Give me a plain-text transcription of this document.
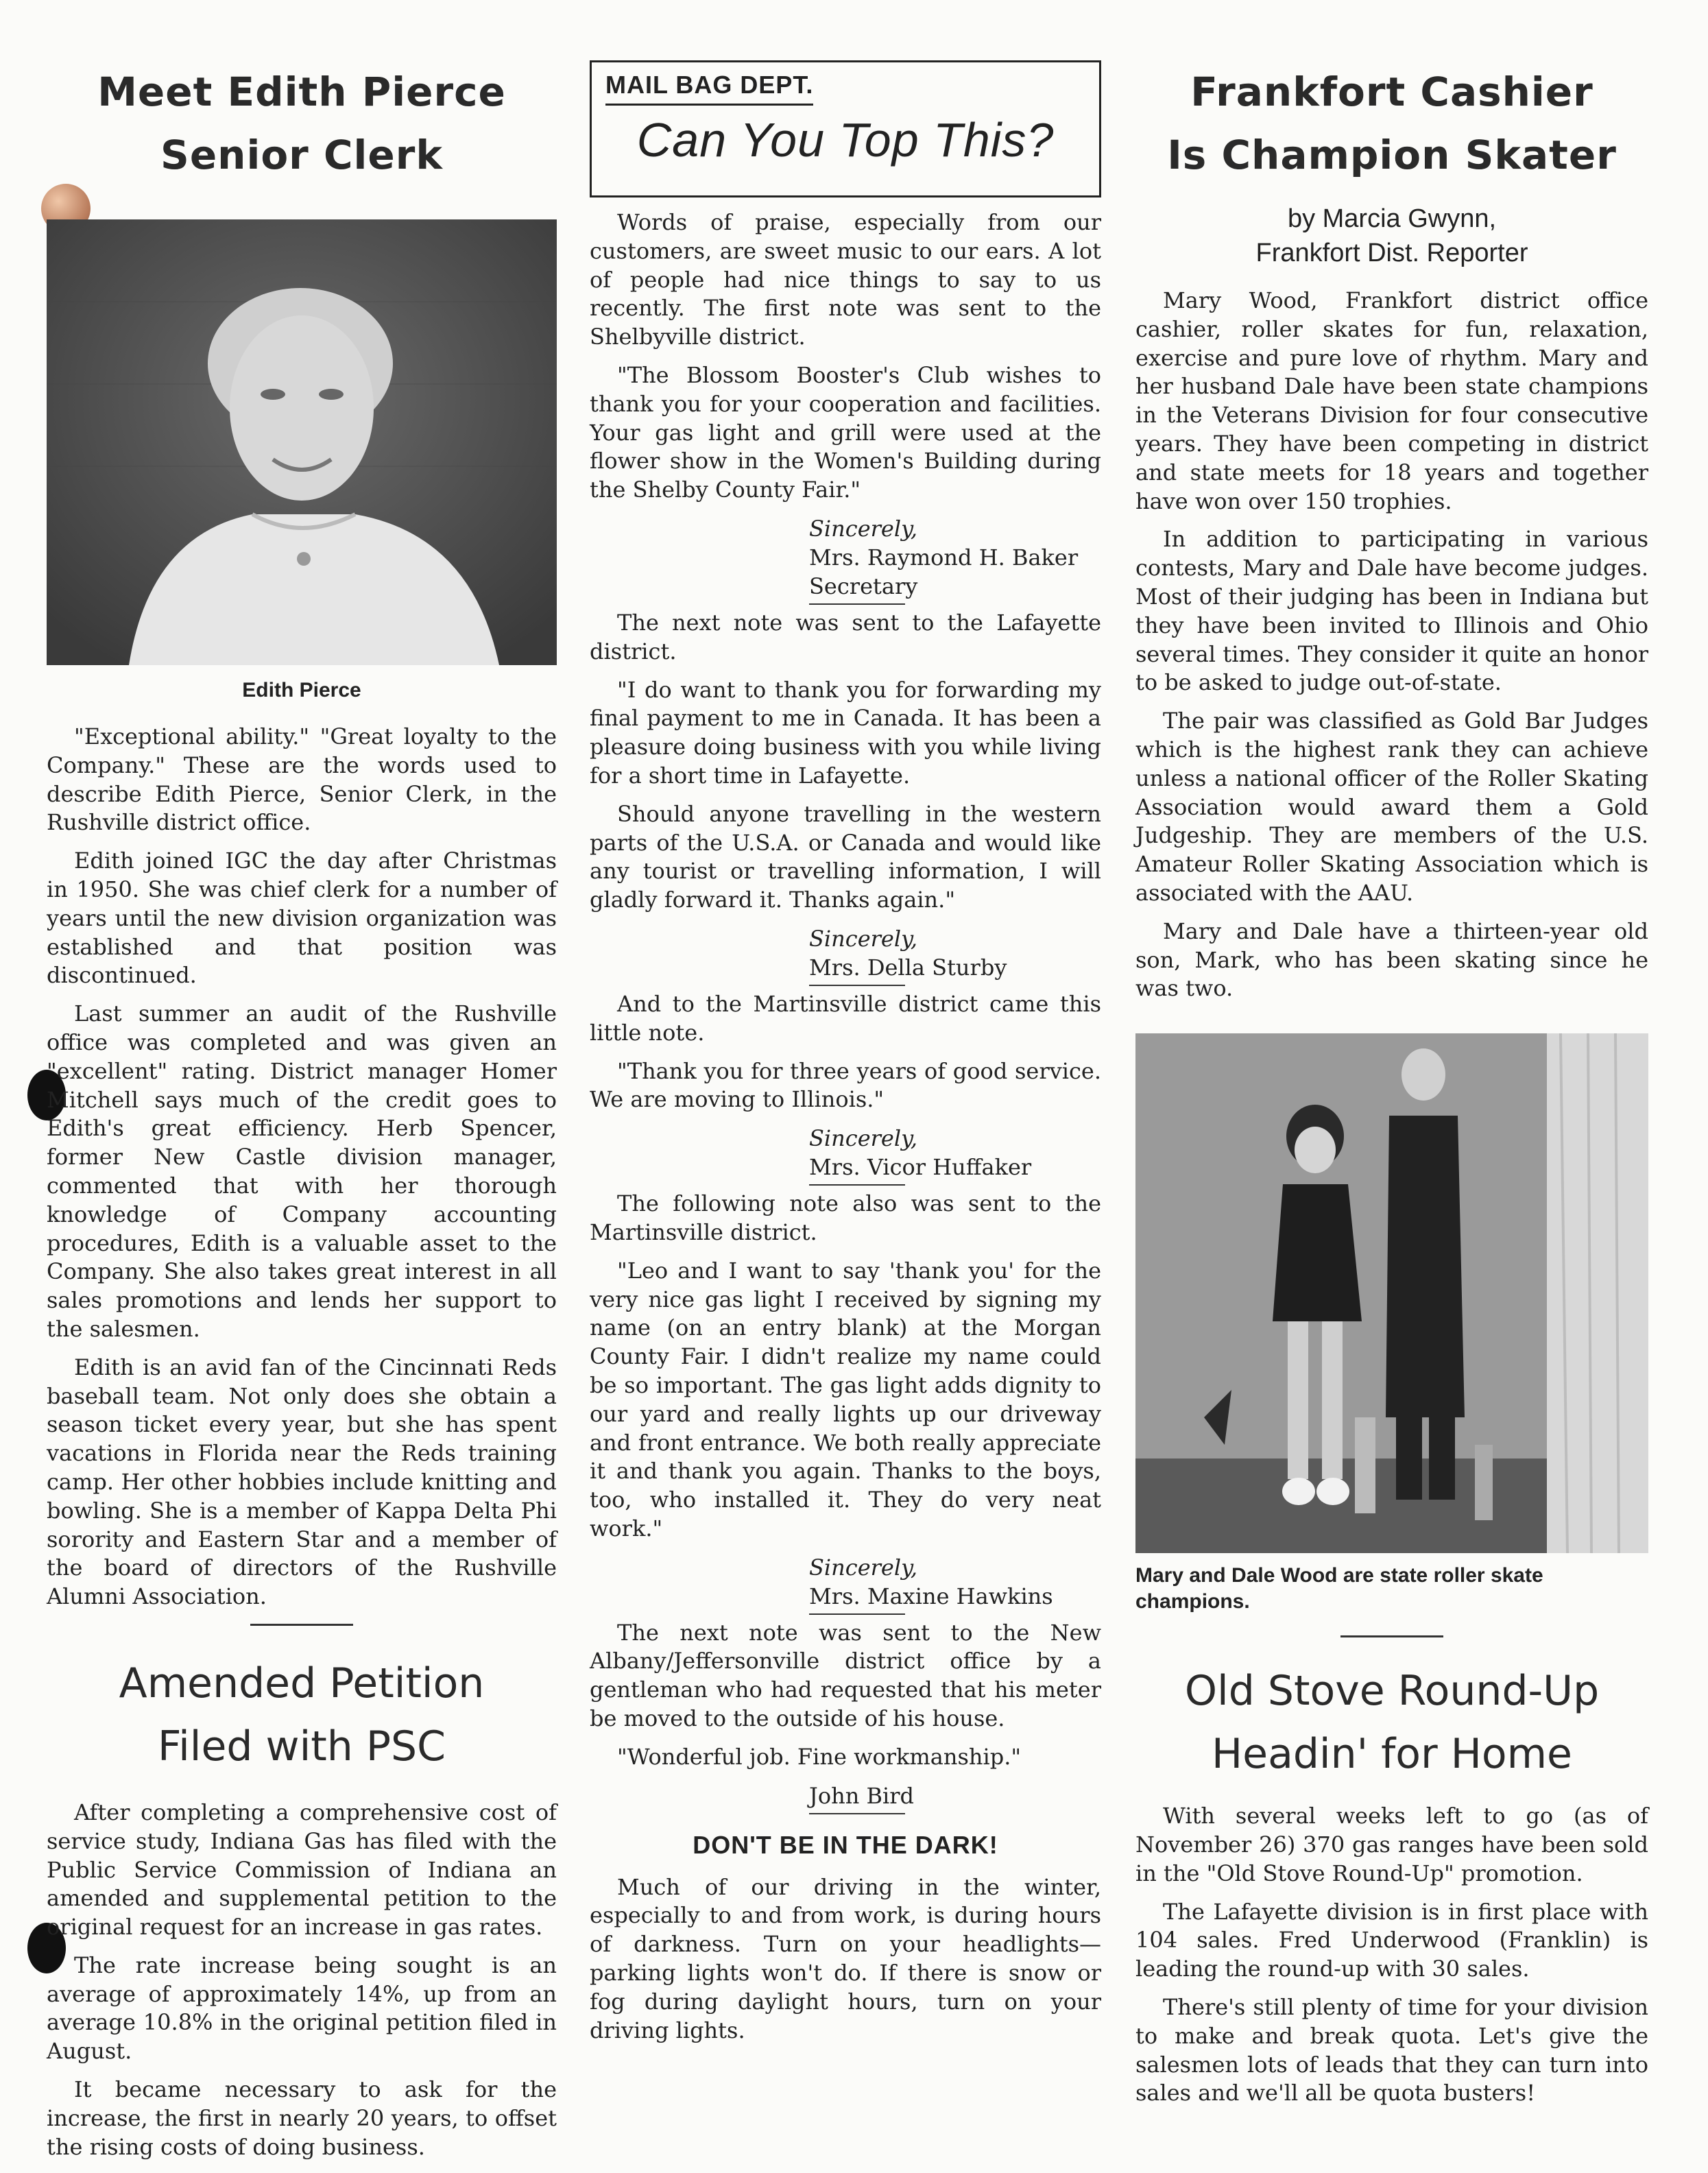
Meet Edith Pierce
Senior Clerk

Edith Pierce

"Exceptional ability." "Great loyalty to the Company." These are the words used to describe Edith Pierce, Senior Clerk, in the Rushville district office.

Edith joined IGC the day after Christmas in 1950. She was chief clerk for a number of years until the new division organization was established and that position was discontinued.

Last summer an audit of the Rushville office was completed and was given an "excellent" rating. District manager Homer Mitchell says much of the credit goes to Edith's great efficiency. Herb Spencer, former New Castle division manager, commented that with her thorough knowledge of Company accounting procedures, Edith is a valuable asset to the Company. She also takes great interest in all sales promotions and lends her support to the salesmen.

Edith is an avid fan of the Cincinnati Reds baseball team. Not only does she obtain a season ticket every year, but she has spent vacations in Florida near the Reds training camp. Her other hobbies include knitting and bowling. She is a member of Kappa Delta Phi sorority and Eastern Star and a member of the board of directors of the Rushville Alumni Association.

Amended Petition
Filed with PSC

After completing a comprehensive cost of service study, Indiana Gas has filed with the Public Service Commission of Indiana an amended and supplemental petition to the original request for an increase in gas rates.

The rate increase being sought is an average of approximately 14%, up from an average 10.8% in the original petition filed in August.

It became necessary to ask for the increase, the first in nearly 20 years, to offset the rising costs of doing business.

MAIL BAG DEPT.
Can You Top This?

Words of praise, especially from our customers, are sweet music to our ears. A lot of people had nice things to say to us recently. The first note was sent to the Shelbyville district.

"The Blossom Booster's Club wishes to thank you for your cooperation and facilities. Your gas light and grill were used at the flower show in the Women's Building during the Shelby County Fair."

Sincerely,
Mrs. Raymond H. Baker
Secretary

The next note was sent to the Lafayette district.

"I do want to thank you for forwarding my final payment to me in Canada. It has been a pleasure doing business with you while living for a short time in Lafayette.

Should anyone travelling in the western parts of the U.S.A. or Canada and would like any tourist or travelling information, I will gladly forward it. Thanks again."

Sincerely,
Mrs. Della Sturby

And to the Martinsville district came this little note.

"Thank you for three years of good service. We are moving to Illinois."

Sincerely,
Mrs. Vicor Huffaker

The following note also was sent to the Martinsville district.

"Leo and I want to say 'thank you' for the very nice gas light I received by signing my name (on an entry blank) at the Morgan County Fair. I didn't realize my name could be so important. The gas light adds dignity to our yard and really lights up our driveway and front entrance. We both really appreciate it and thank you again. Thanks to the boys, too, who installed it. They do very neat work."

Sincerely,
Mrs. Maxine Hawkins

The next note was sent to the New Albany/Jeffersonville district office by a gentleman who had requested that his meter be moved to the outside of his house.

"Wonderful job. Fine workmanship."

John Bird
DON'T BE IN THE DARK!

Much of our driving in the winter, especially to and from work, is during hours of darkness. Turn on your headlights—parking lights won't do. If there is snow or fog during daylight hours, turn on your driving lights.

Frankfort Cashier
Is Champion Skater

by Marcia Gwynn,

Frankfort Dist. Reporter

Mary Wood, Frankfort district office cashier, roller skates for fun, relaxation, exercise and pure love of rhythm. Mary and her husband Dale have been state champions in the Veterans Division for four consecutive years. They have been competing in district and state meets for 18 years and together have won over 150 trophies.

In addition to participating in various contests, Mary and Dale have become judges. Most of their judging has been in Indiana but they have been invited to Illinois and Ohio several times. They consider it quite an honor to be asked to judge out-of-state.

The pair was classified as Gold Bar Judges which is the highest rank they can achieve unless a national officer of the Roller Skating Association would award them a Gold Judgeship. They are members of the U.S. Amateur Roller Skating Association which is associated with the AAU.

Mary and Dale have a thirteen-year old son, Mark, who has been skating since he was two.

Mary and Dale Wood are state roller skate champions.

Old Stove Round-Up
Headin' for Home

With several weeks left to go (as of November 26) 370 gas ranges have been sold in the "Old Stove Round-Up" promotion.

The Lafayette division is in first place with 104 sales. Fred Underwood (Franklin) is leading the round-up with 30 sales.

There's still plenty of time for your division to make and break quota. Let's give the salesmen lots of leads that they can turn into sales and we'll all be quota busters!
